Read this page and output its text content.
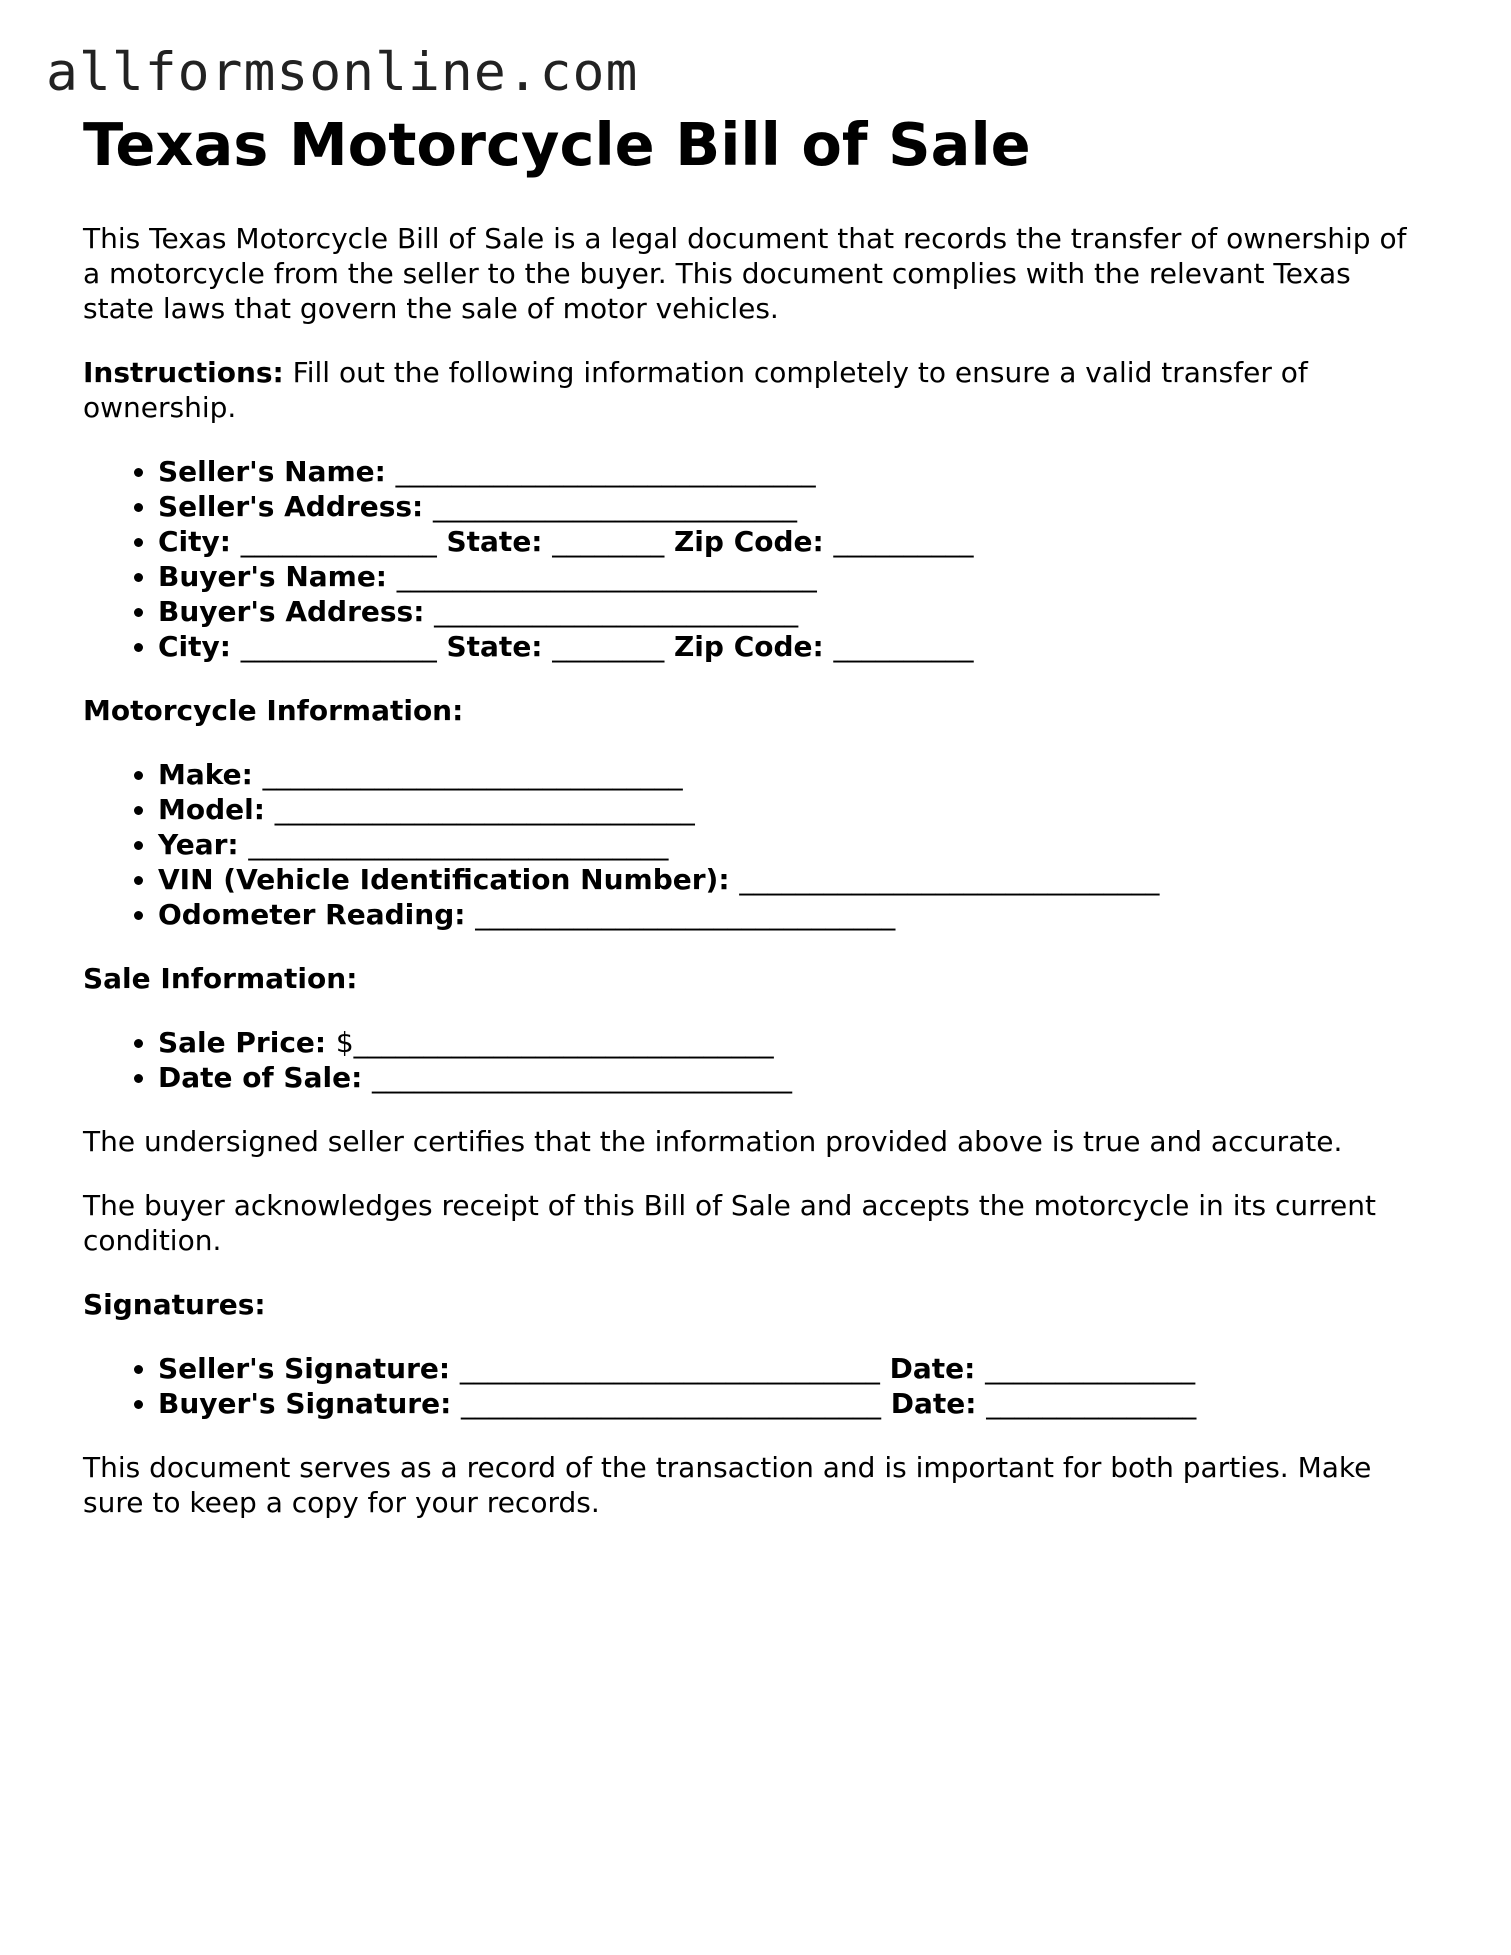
allformsonline.com
Texas Motorcycle Bill of Sale

This Texas Motorcycle Bill of Sale is a legal document that records the transfer of ownership of a motorcycle from the seller to the buyer. This document complies with the relevant Texas state laws that govern the sale of motor vehicles.

Instructions: Fill out the following information completely to ensure a valid transfer of ownership.

• Seller's Name: ______________________________
• Seller's Address: __________________________
• City: ______________ State: ________ Zip Code: __________
• Buyer's Name: ______________________________
• Buyer's Address: __________________________
• City: ______________ State: ________ Zip Code: __________

Motorcycle Information:

• Make: ______________________________
• Model: ______________________________
• Year: ______________________________
• VIN (Vehicle Identification Number): ______________________________
• Odometer Reading: ______________________________

Sale Information:

• Sale Price: $______________________________
• Date of Sale: ______________________________

The undersigned seller certifies that the information provided above is true and accurate.

The buyer acknowledges receipt of this Bill of Sale and accepts the motorcycle in its current condition.

Signatures:

• Seller's Signature: ______________________________ Date: _______________
• Buyer's Signature: ______________________________ Date: _______________

This document serves as a record of the transaction and is important for both parties. Make sure to keep a copy for your records.
